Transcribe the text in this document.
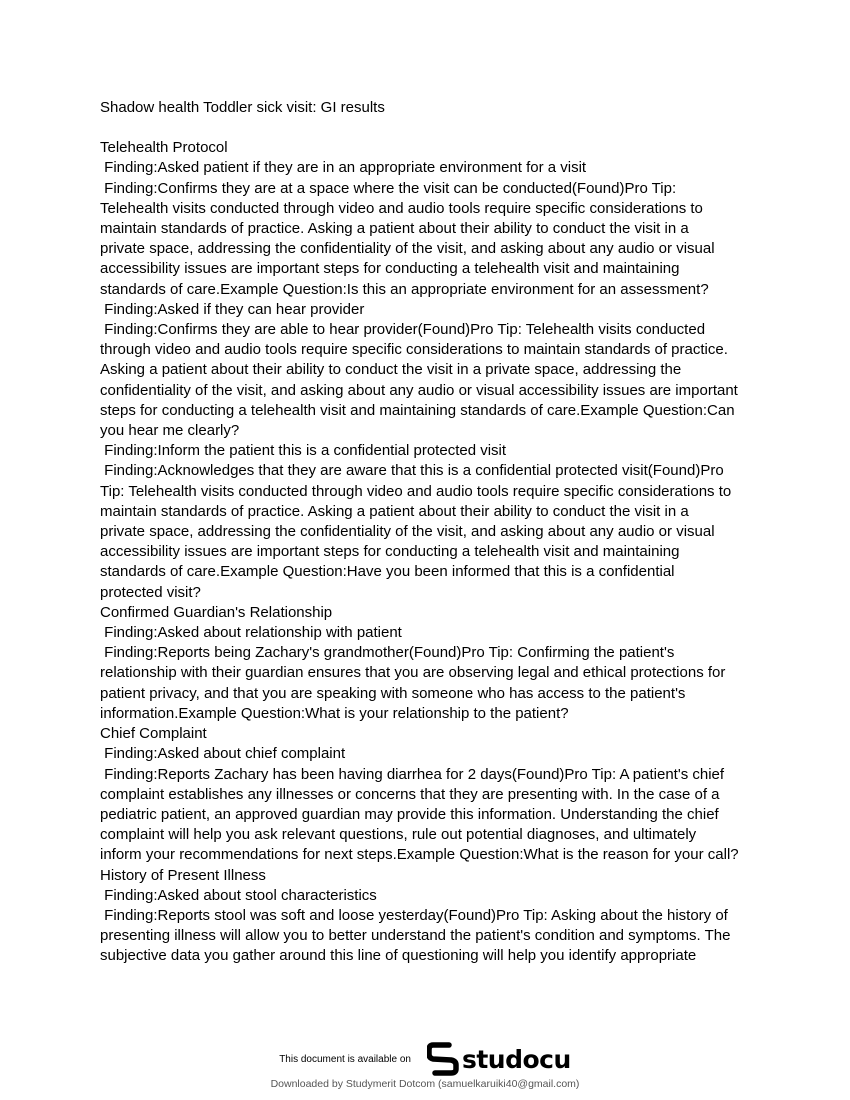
Shadow health Toddler sick visit: GI results

Telehealth Protocol

Finding:Asked patient if they are in an appropriate environment for a visit

Finding:Confirms they are at a space where the visit can be conducted(Found)Pro Tip:

Telehealth visits conducted through video and audio tools require specific considerations to

maintain standards of practice. Asking a patient about their ability to conduct the visit in a

private space, addressing the confidentiality of the visit, and asking about any audio or visual

accessibility issues are important steps for conducting a telehealth visit and maintaining

standards of care.Example Question:Is this an appropriate environment for an assessment?

Finding:Asked if they can hear provider

Finding:Confirms they are able to hear provider(Found)Pro Tip: Telehealth visits conducted

through video and audio tools require specific considerations to maintain standards of practice.

Asking a patient about their ability to conduct the visit in a private space, addressing the

confidentiality of the visit, and asking about any audio or visual accessibility issues are important

steps for conducting a telehealth visit and maintaining standards of care.Example Question:Can

you hear me clearly?

Finding:Inform the patient this is a confidential protected visit

Finding:Acknowledges that they are aware that this is a confidential protected visit(Found)Pro

Tip: Telehealth visits conducted through video and audio tools require specific considerations to

maintain standards of practice. Asking a patient about their ability to conduct the visit in a

private space, addressing the confidentiality of the visit, and asking about any audio or visual

accessibility issues are important steps for conducting a telehealth visit and maintaining

standards of care.Example Question:Have you been informed that this is a confidential

protected visit?

Confirmed Guardian's Relationship

Finding:Asked about relationship with patient

Finding:Reports being Zachary's grandmother(Found)Pro Tip: Confirming the patient's

relationship with their guardian ensures that you are observing legal and ethical protections for

patient privacy, and that you are speaking with someone who has access to the patient's

information.Example Question:What is your relationship to the patient?

Chief Complaint

Finding:Asked about chief complaint

Finding:Reports Zachary has been having diarrhea for 2 days(Found)Pro Tip: A patient's chief

complaint establishes any illnesses or concerns that they are presenting with. In the case of a

pediatric patient, an approved guardian may provide this information. Understanding the chief

complaint will help you ask relevant questions, rule out potential diagnoses, and ultimately

inform your recommendations for next steps.Example Question:What is the reason for your call?

History of Present Illness

Finding:Asked about stool characteristics

Finding:Reports stool was soft and loose yesterday(Found)Pro Tip: Asking about the history of

presenting illness will allow you to better understand the patient's condition and symptoms. The

subjective data you gather around this line of questioning will help you identify appropriate

This document is available on studocu
Downloaded by Studymerit Dotcom (samuelkaruiki40@gmail.com)
